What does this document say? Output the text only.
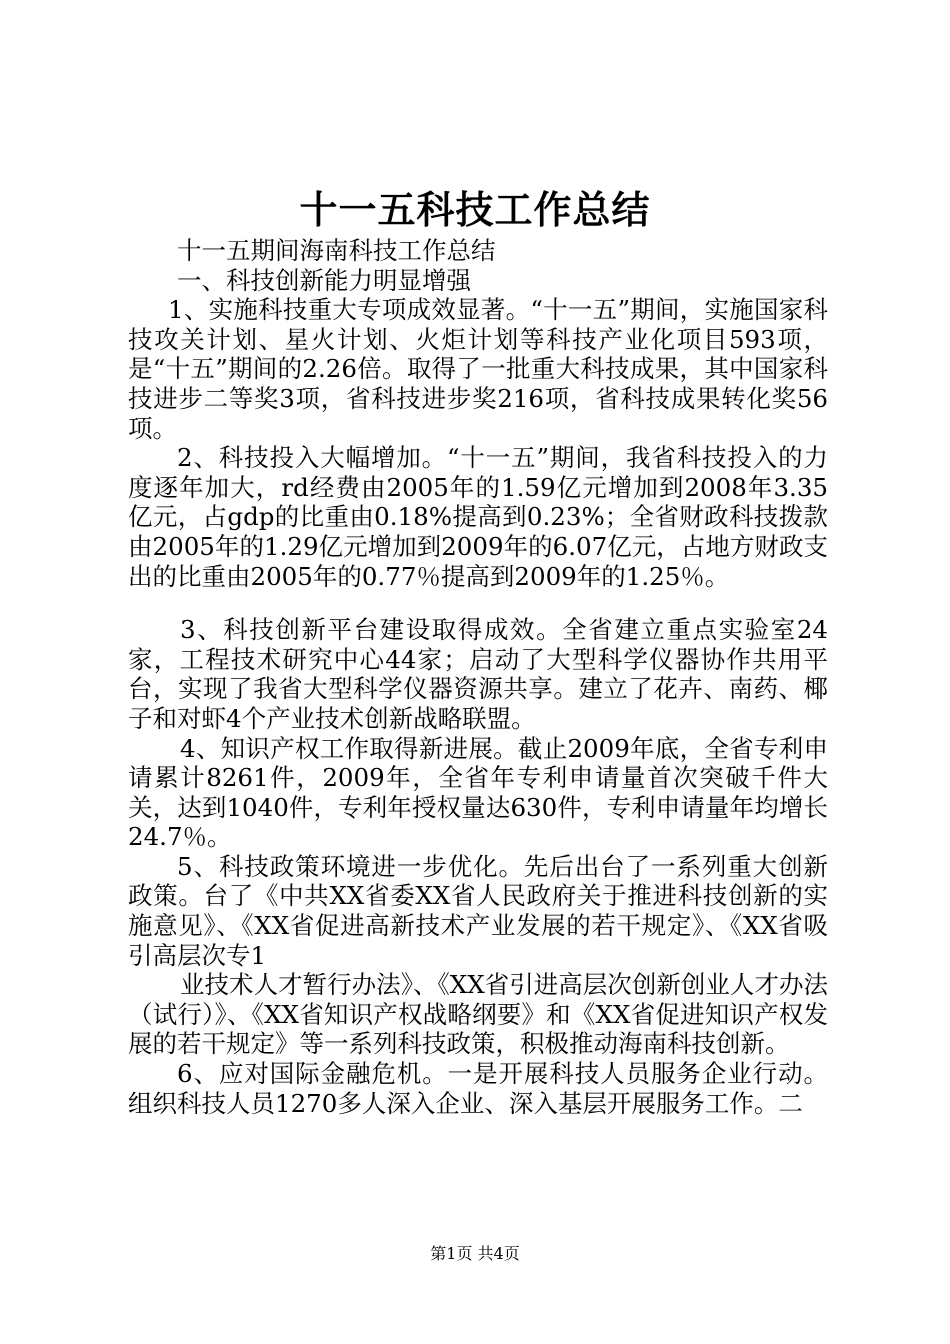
十一五科技工作总结

十一五期间海南科技工作总结

一、科技创新能力明显增强

1、实施科技重大专项成效显著。“十一五”期间，实施国家科技攻关计划、星火计划、火炬计划等科技产业化项目593项，是“十五”期间的2.26倍。取得了一批重大科技成果，其中国家科技进步二等奖3项，省科技进步奖216项，省科技成果转化奖56项。

2、科技投入大幅增加。“十一五”期间，我省科技投入的力度逐年加大，rd经费由2005年的1.59亿元增加到2008年3.35亿元，占gdp的比重由0.18%提高到0.23%；全省财政科技拨款由2005年的1.29亿元增加到2009年的6.07亿元，占地方财政支出的比重由2005年的0.77％提高到2009年的1.25％。

3、科技创新平台建设取得成效。全省建立重点实验室24家，工程技术研究中心44家；启动了大型科学仪器协作共用平台，实现了我省大型科学仪器资源共享。建立了花卉、南药、椰子和对虾4个产业技术创新战略联盟。

4、知识产权工作取得新进展。截止2009年底，全省专利申请累计8261件，2009年，全省年专利申请量首次突破千件大关，达到1040件，专利年授权量达630件，专利申请量年均增长24.7％。

5、科技政策环境进一步优化。先后出台了一系列重大创新政策。台了《中共XX省委XX省人民政府关于推进科技创新的实施意见》、《XX省促进高新技术产业发展的若干规定》、《XX省吸引高层次专1

业技术人才暂行办法》、《XX省引进高层次创新创业人才办法（试行）》、《XX省知识产权战略纲要》和《XX省促进知识产权发展的若干规定》等一系列科技政策，积极推动海南科技创新。

6、应对国际金融危机。一是开展科技人员服务企业行动。组织科技人员1270多人深入企业、深入基层开展服务工作。二

第1页 共4页
